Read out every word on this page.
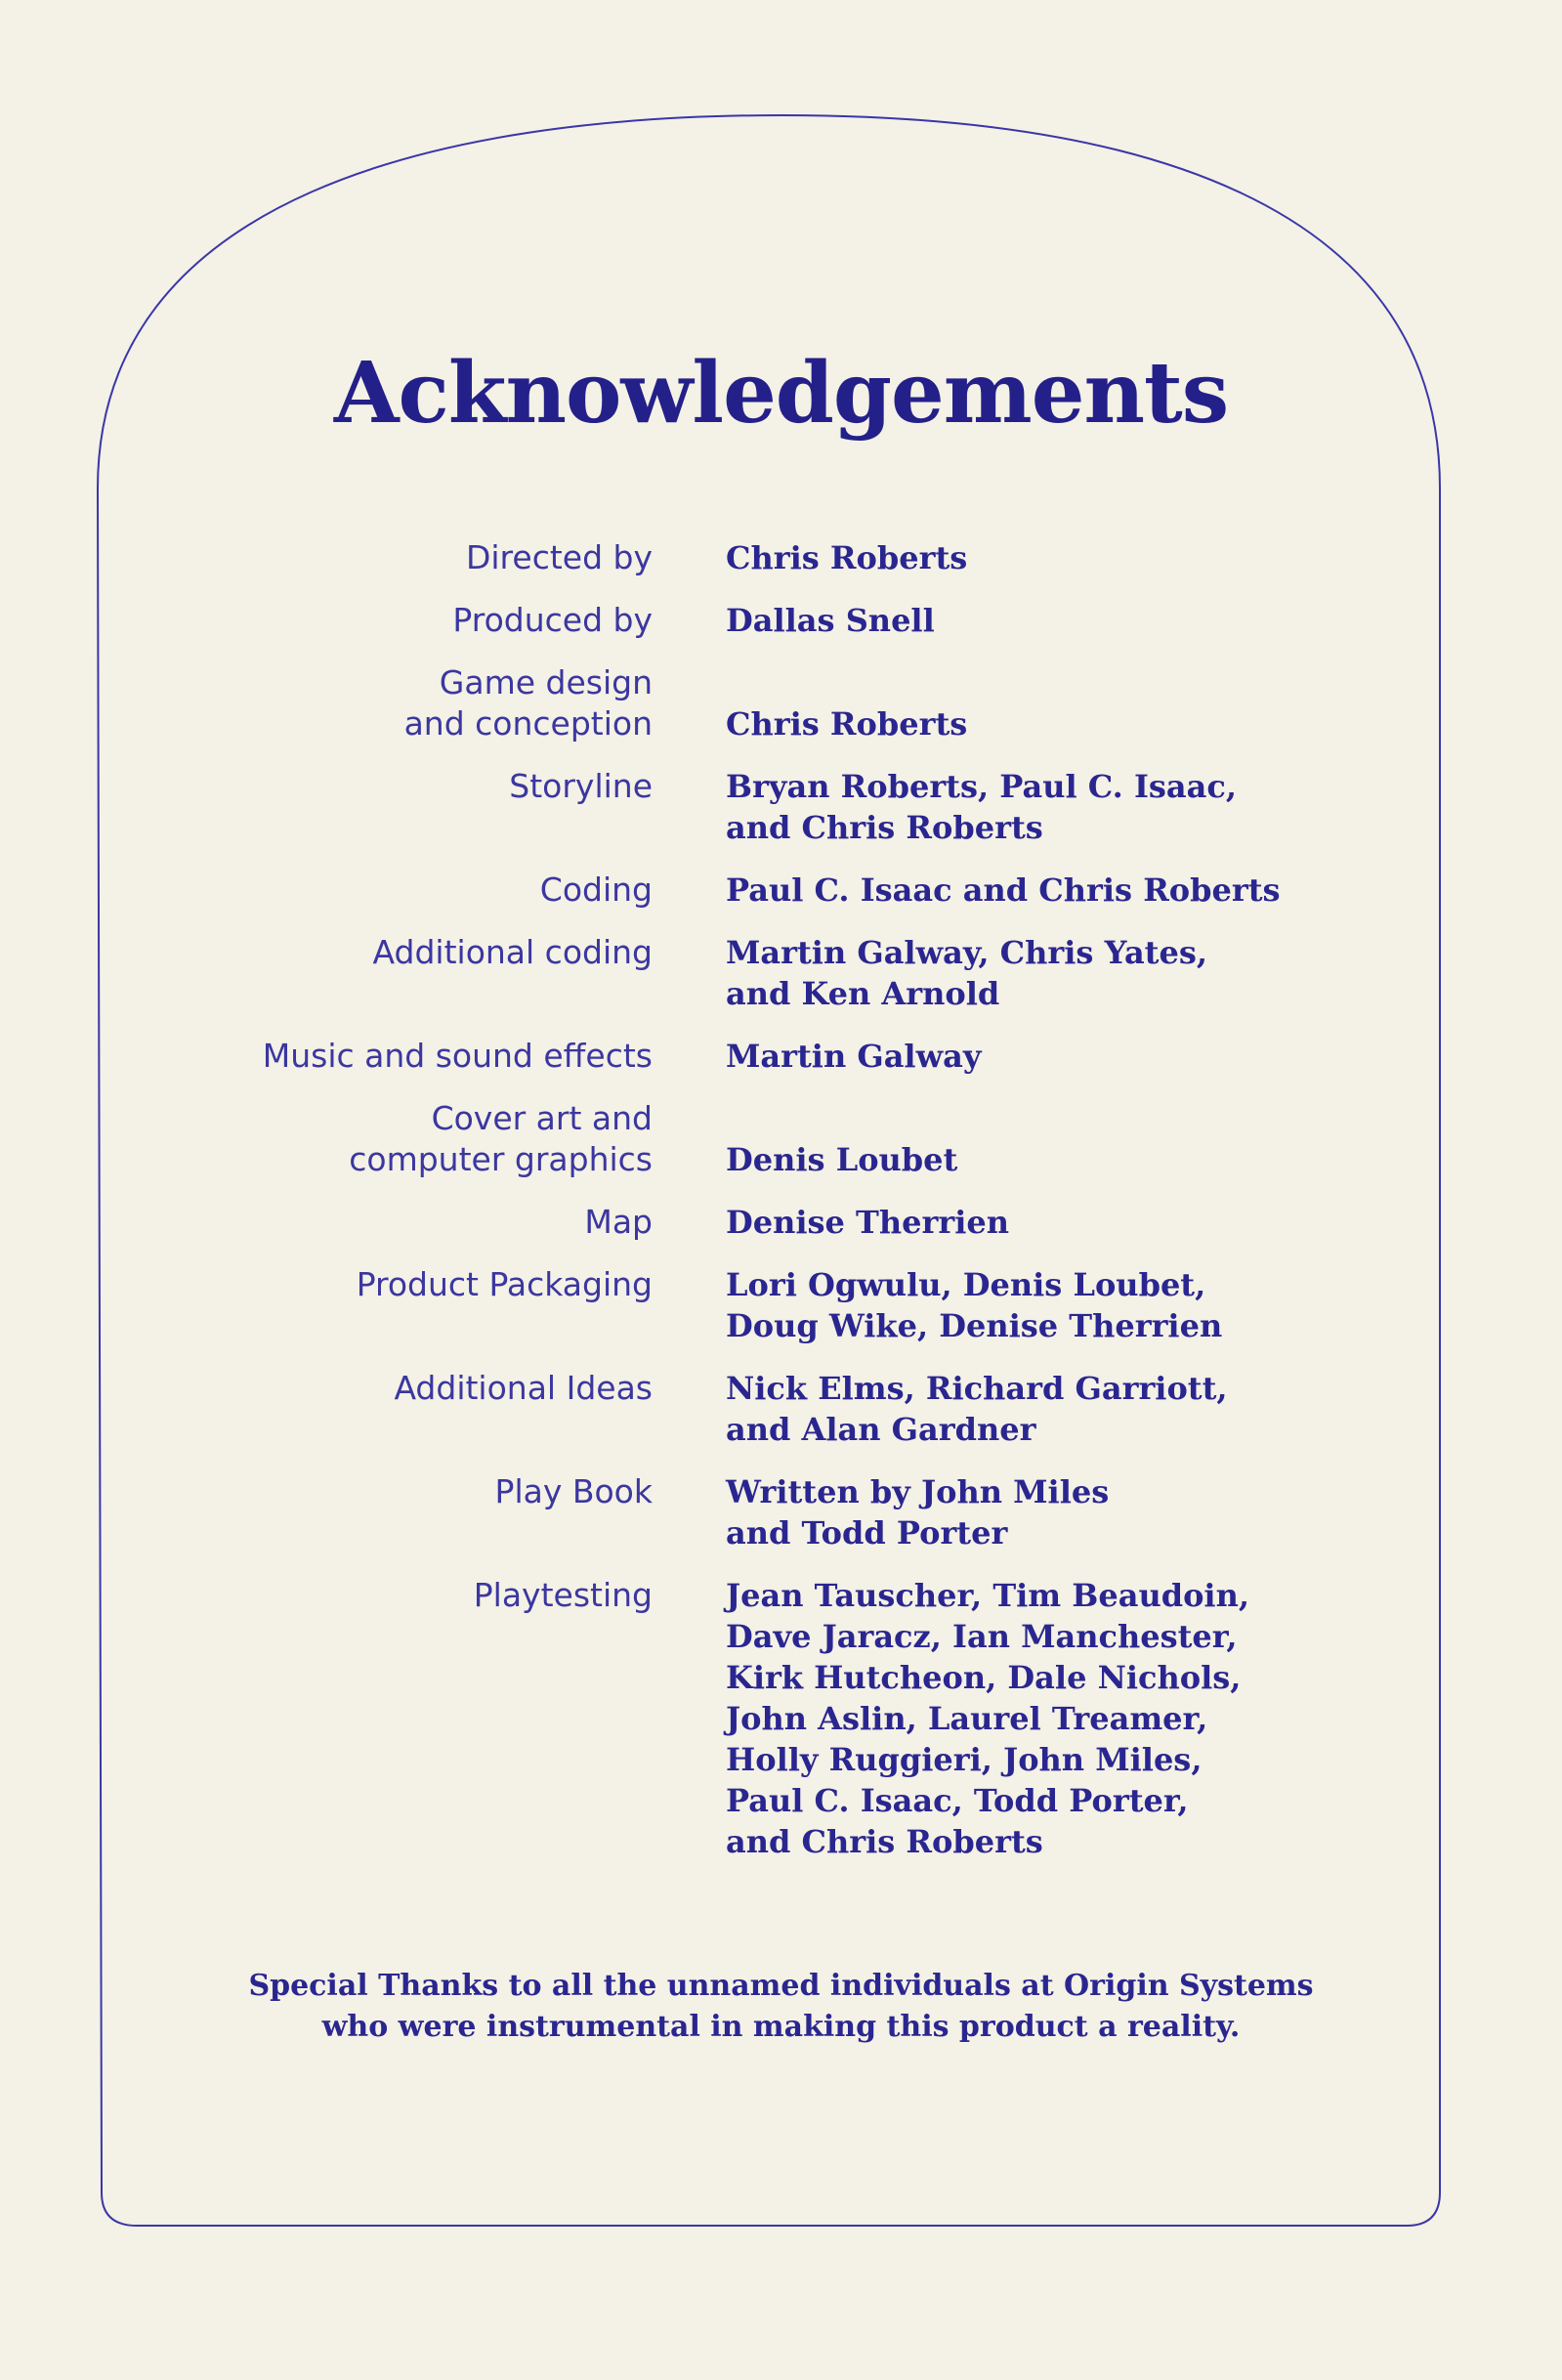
Acknowledgements
Directed by Chris Roberts
Produced by Dallas Snell
Game design
and conception Chris Roberts
Storyline Bryan Roberts, Paul C. Isaac,
and Chris Roberts
Coding Paul C. Isaac and Chris Roberts
Additional coding Martin Galway, Chris Yates,
and Ken Arnold
Music and sound effects Martin Galway
Cover art and
computer graphics Denis Loubet
Map Denise Therrien
Product Packaging Lori Ogwulu, Denis Loubet,
Doug Wike, Denise Therrien
Additional Ideas Nick Elms, Richard Garriott,
and Alan Gardner
Play Book Written by John Miles
and Todd Porter
Playtesting Jean Tauscher, Tim Beaudoin,
Dave Jaracz, Ian Manchester,
Kirk Hutcheon, Dale Nichols,
John Aslin, Laurel Treamer,
Holly Ruggieri, John Miles,
Paul C. Isaac, Todd Porter,
and Chris Roberts
Special Thanks to all the unnamed individuals at Origin Systems
who were instrumental in making this product a reality.
